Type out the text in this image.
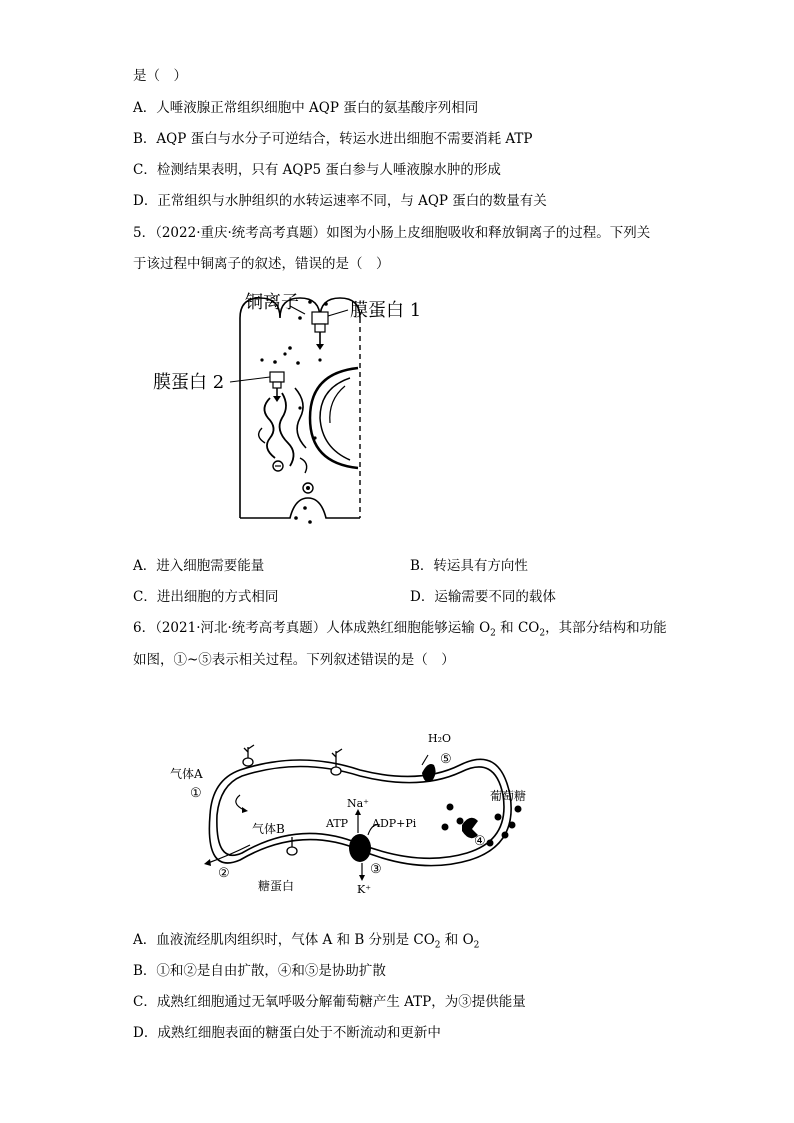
是（　）
A．人唾液腺正常组织细胞中 AQP 蛋白的氨基酸序列相同
B．AQP 蛋白与水分子可逆结合，转运水进出细胞不需要消耗 ATP
C．检测结果表明，只有 AQP5 蛋白参与人唾液腺水肿的形成
D．正常组织与水肿组织的水转运速率不同，与 AQP 蛋白的数量有关
5．（2022·重庆·统考高考真题）如图为小肠上皮细胞吸收和释放铜离子的过程。下列关
于该过程中铜离子的叙述，错误的是（　）
铜离子	膜蛋白 1
膜蛋白 2
A．进入细胞需要能量	B．转运具有方向性
C．进出细胞的方式相同	D．运输需要不同的载体
6．（2021·河北·统考高考真题）人体成熟红细胞能够运输 $O_2$ 和 $CO_2$，其部分结构和功能
如图，①~⑤表示相关过程。下列叙述错误的是（　）
气体A
①
气体B
②
糖蛋白
Na⁺
ATP ADP+Pi
③
K⁺
H₂O
⑤
葡萄糖
④
A．血液流经肌肉组织时，气体 A 和 B 分别是 $CO_2$ 和 $O_2$
B．①和②是自由扩散，④和⑤是协助扩散
C．成熟红细胞通过无氧呼吸分解葡萄糖产生 ATP，为③提供能量
D．成熟红细胞表面的糖蛋白处于不断流动和更新中
